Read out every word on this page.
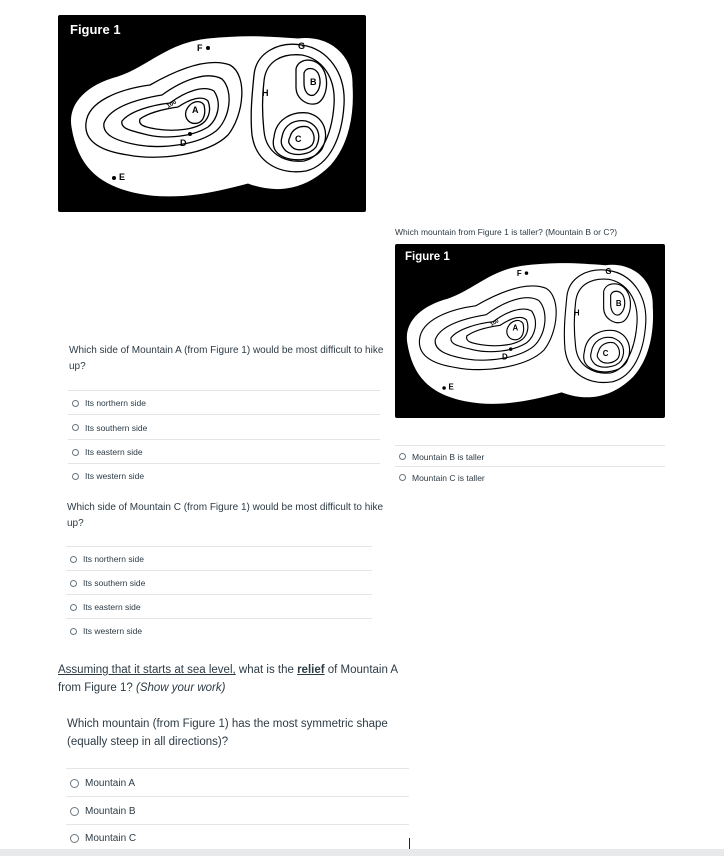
Figure 1
A
B
C
D
E
F	G
H
100
Which mountain from Figure 1 is taller? (Mountain B or C?)
Figure 1
A
B
C
D
E
F	G
H
100
Mountain B is taller
Mountain C is taller
Which side of Mountain A (from Figure 1) would be most difficult to hike up?
Its northern side
Its southern side
Its eastern side
Its western side
Which side of Mountain C (from Figure 1) would be most difficult to hike up?
Its northern side
Its southern side
Its eastern side
Its western side
Assuming that it starts at sea level, what is the relief of Mountain A from Figure 1? (Show your work)
Which mountain (from Figure 1) has the most symmetric shape (equally steep in all directions)?
Mountain A
Mountain B
Mountain C
